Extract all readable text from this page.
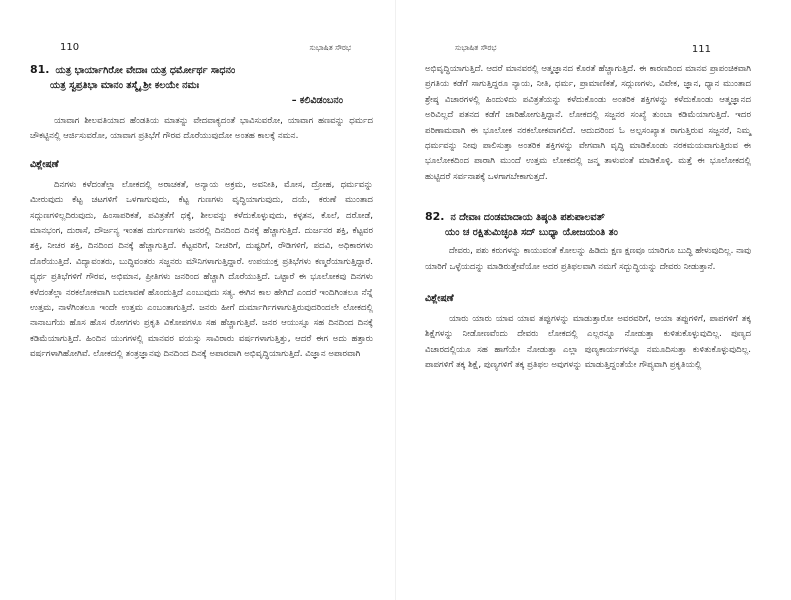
110	ಸುಭಾಷಿತ ಸೌರಭ
81. ಯತ್ರ ಭಾರ್ಯಾಗಿರೋ ವೇದಾಃ ಯತ್ರ ಧರ್ಮೋರ್ಥ ಸಾಧನಂ
ಯತ್ರ ಸ್ವಪ್ರತಿಭಾ ಮಾನಂ ತಸ್ಮೈ ಶ್ರೀ ಕಲಯೇ ನಮಃ
– ಕಲಿವಿಡಂಬನಂ

ಯಾವಾಗ ಶೀಲವತಿಯಾದ ಹೆಂಡತಿಯ ಮಾತನ್ನು ವೇದವಾಕ್ಯದಂತೆ ಭಾವಿಸುವರೋ, ಯಾವಾಗ ಹಣವನ್ನು ಧರ್ಮದ ಚೌಕಟ್ಟಿನಲ್ಲಿ ಆರ್ಜಿಸುವರೋ, ಯಾವಾಗ ಪ್ರತಿಭೆಗೆ ಗೌರವ ದೊರೆಯುವುದೋ ಅಂತಹ ಕಾಲಕ್ಕೆ ನಮನ.

ವಿಶ್ಲೇಷಣೆ

ದಿನಗಳು ಕಳೆದಂತೆಲ್ಲಾ ಲೋಕದಲ್ಲಿ ಅರಾಚಕತೆ, ಅನ್ಯಾಯ ಅಕ್ರಮ, ಅವನೀತಿ, ಮೋಸ, ದ್ರೋಹ, ಧರ್ಮವನ್ನು ಮೀರುವುದು ಕೆಟ್ಟ ಚಟಗಳಿಗೆ ಒಳಗಾಗುವುದು, ಕೆಟ್ಟ ಗುಣಗಳು ವೃದ್ಧಿಯಾಗುವುದು, ದಯೆ, ಕರುಣೆ ಮುಂತಾದ ಸದ್ಗುಣಗಳಿಲ್ಲದಿರುವುದು, ಹಿಂಸಾಪರಿಕತೆ, ಪವಿತ್ರತೆಗೆ ಧಕ್ಕೆ, ಶೀಲವನ್ನು ಕಳೆದುಕೊಳ್ಳುವುದು, ಕಳ್ಳತನ, ಕೊಲೆ, ದರೋಡೆ, ಮಾನಭಂಗ, ದುರಾಸೆ, ದೌರ್ಜನ್ಯ ಇಂತಹ ದುರ್ಗುಣಗಳು ಜನರಲ್ಲಿ ದಿನದಿಂದ ದಿನಕ್ಕೆ ಹೆಚ್ಚಾಗುತ್ತಿದೆ. ದುರ್ಜನರ ಶಕ್ತಿ, ಕೆಟ್ಟವರ ಶಕ್ತಿ, ನೀಚರ ಶಕ್ತಿ, ದಿನದಿಂದ ದಿನಕ್ಕೆ ಹೆಚ್ಚಾಗುತ್ತಿದೆ. ಕೆಟ್ಟವರಿಗೆ, ನೀಚರಿಗೆ, ದುಷ್ಟರಿಗೆ, ರೌಡಿಗಳಿಗೆ, ಪದವಿ, ಅಧಿಕಾರಗಳು ದೊರೆಯುತ್ತಿದೆ. ವಿದ್ಯಾವಂತರು, ಬುದ್ಧಿವಂತರು ಸಜ್ಜನರು ಮೌನಿಗಳಾಗುತ್ತಿದ್ದಾರೆ. ಉಪಯುಕ್ತ ಪ್ರತಿಭೆಗಳು ಕಣ್ಮರೆಯಾಗುತ್ತಿದ್ದಾರೆ. ವ್ಯರ್ಥ ಪ್ರತಿಭೆಗಳಿಗೆ ಗೌರವ, ಅಭಿಮಾನ, ಪ್ರೀತಿಗಳು ಜನರಿಂದ ಹೆಚ್ಚಾಗಿ ದೊರೆಯುತ್ತಿದೆ. ಒಟ್ಟಾರೆ ಈ ಭೂಲೋಕವು ದಿನಗಳು ಕಳೆದಂತೆಲ್ಲಾ ನರಕಲೋಕವಾಗಿ ಬದಲಾವಣೆ ಹೊಂದುತ್ತಿದೆ ಎಂಬುವುದು ಸತ್ಯ. ಈಗಿನ ಕಾಲ ಹೇಗಿದೆ ಎಂದರೆ ಇಂದಿಗಿಂತಲೂ ನೆನ್ನೆ ಉತ್ತಮ, ನಾಳೆಗಿಂತಲೂ ಇಂದೇ ಉತ್ತಮ ಎಂಬಂತಾಗುತ್ತಿದೆ. ಜನರು ಹೀಗೆ ದುರ್ಮಾರ್ಗಿಗಳಾಗುತ್ತಿರುವುದರಿಂದಲೇ ಲೋಕದಲ್ಲಿ ನಾನಾಬಗೆಯ ಹೊಸ ಹೊಸ ರೋಗಗಳು ಪ್ರಕೃತಿ ವಿಕೋಪಗಳೂ ಸಹ ಹೆಚ್ಚಾಗುತ್ತಿವೆ. ಜನರ ಆಯುಸ್ಸೂ ಸಹ ದಿನದಿಂದ ದಿನಕ್ಕೆ ಕಡಿಮೆಯಾಗುತ್ತಿದೆ. ಹಿಂದಿನ ಯುಗಗಳಲ್ಲಿ ಮಾನವರ ವಯಸ್ಸು ಸಾವಿರಾರು ವರ್ಷಗಳಾಗುತ್ತಿತ್ತು, ಆದರೆ ಈಗ ಅದು ಹತ್ತಾರು ವರ್ಷಗಳಾಗಿಹೋಗಿವೆ. ಲೋಕದಲ್ಲಿ ತಂತ್ರಜ್ಞಾನವು ದಿನದಿಂದ ದಿನಕ್ಕೆ ಅಪಾರವಾಗಿ ಅಭಿವೃದ್ಧಿಯಾಗುತ್ತಿದೆ. ವಿಜ್ಞಾನ ಅಪಾರವಾಗಿ

ಸುಭಾಷಿತ ಸೌರಭ	111

ಅಭಿವೃದ್ಧಿಯಾಗುತ್ತಿದೆ. ಆದರೆ ಮಾನವರಲ್ಲಿ ಆತ್ಮಜ್ಞಾನದ ಕೊರತೆ ಹೆಚ್ಚಾಗುತ್ತಿದೆ. ಈ ಕಾರಣದಿಂದ ಮಾನವ ಪ್ರಾಪಂಚಿಕವಾಗಿ ಪ್ರಗತಿಯ ಕಡೆಗೆ ಸಾಗುತ್ತಿದ್ದರೂ ನ್ಯಾಯ, ನೀತಿ, ಧರ್ಮ, ಪ್ರಾಮಾಣಿಕತೆ, ಸದ್ಗುಣಗಳು, ವಿವೇಕ, ಜ್ಞಾನ, ಧ್ಯಾನ ಮುಂತಾದ ಶ್ರೇಷ್ಠ ವಿಚಾರಗಳಲ್ಲಿ ಹಿಂದುಳಿದು ಪವಿತ್ರತೆಯನ್ನು ಕಳೆದುಕೊಂಡು ಅಂತರಿಕ ಶಕ್ತಿಗಳನ್ನು ಕಳೆದುಕೊಂಡು ಆತ್ಮಜ್ಞಾನದ ಅರಿವಿಲ್ಲದೆ ಪತನದ ಕಡೆಗೆ ಜಾರಿಹೋಗುತ್ತಿದ್ದಾನೆ. ಲೋಕದಲ್ಲಿ ಸಜ್ಜನರ ಸಂಖ್ಯೆ ತುಂಬಾ ಕಡಿಮೆಯಾಗುತ್ತಿದೆ. ಇದರ ಪರಿಣಾಮವಾಗಿ ಈ ಭೂಲೋಕ ನರಕಲೋಕವಾಗಲಿದೆ. ಆದುದರಿಂದ ಓ ಅಲ್ಪಸಂಖ್ಯಾತ ರಾಗುತ್ತಿರುವ ಸಜ್ಜನರೆ, ನಿಮ್ಮ ಧರ್ಮವನ್ನು ನೀವು ಪಾಲಿಸುತ್ತಾ ಅಂತರಿಕ ಶಕ್ತಿಗಳನ್ನು ವೇಗವಾಗಿ ವೃದ್ಧಿ ಮಾಡಿಕೊಂಡು ನರಕಮಯವಾಗುತ್ತಿರುವ ಈ ಭೂಲೋಕದಿಂದ ಪಾರಾಗಿ ಮುಂದೆ ಉತ್ತಮ ಲೋಕದಲ್ಲಿ ಜನ್ಮ ತಾಳುವಂತೆ ಮಾಡಿಕೊಳ್ಳಿ. ಮತ್ತೆ ಈ ಭೂಲೋಕದಲ್ಲಿ ಹುಟ್ಟಿದರೆ ಸರ್ವನಾಶಕ್ಕೆ ಒಳಗಾಗಬೇಕಾಗುತ್ತದೆ.

82. ನ ದೇವಾಃ ದಂಡಮಾದಾಯ ತಿಷ್ಠಂತಿ ಪಶುಪಾಲವತ್
ಯಂ ಚ ರಕ್ಷಿತುಮಿಚ್ಛಂತಿ ಸದ್ ಬುಧ್ಯಾ ಯೋಜಯಂತಿ ತಂ

ದೇವರು, ಪಶು ಕರುಗಳನ್ನು ಕಾಯುವಂತೆ ಕೋಲನ್ನು ಹಿಡಿದು ಕ್ಷಣ ಕ್ಷಣವೂ ಯಾರಿಗೂ ಬುದ್ಧಿ ಹೇಳುವುದಿಲ್ಲ. ನಾವು ಯಾರಿಗೆ ಒಳ್ಳೆಯದನ್ನು ಮಾಡಿರುತ್ತೇವೆಯೋ ಅದರ ಪ್ರತಿಫಲವಾಗಿ ನಮಗೆ ಸದ್ಬುದ್ಧಿಯನ್ನು ದೇವರು ನೀಡುತ್ತಾನೆ.

ವಿಶ್ಲೇಷಣೆ

ಯಾರು ಯಾರು ಯಾವ ಯಾವ ತಪ್ಪುಗಳನ್ನು ಮಾಡುತ್ತಾರೋ ಅವರವರಿಗೆ, ಆಯಾ ತಪ್ಪುಗಳಿಗೆ, ಪಾಪಗಳಿಗೆ ತಕ್ಕ ಶಿಕ್ಷೆಗಳನ್ನು ನೀಡೋಣವೆಂದು ದೇವರು ಲೋಕದಲ್ಲಿ ಎಲ್ಲರನ್ನೂ ನೋಡುತ್ತಾ ಕುಳಿತುಕೊಳ್ಳುವುದಿಲ್ಲ. ಪುಣ್ಯದ ವಿಚಾರದಲ್ಲಿಯೂ ಸಹ ಹಾಗೆಯೇ ನೋಡುತ್ತಾ ಎಲ್ಲಾ ಪುಣ್ಯಕಾರ್ಯಗಳನ್ನೂ ನಮೂದಿಸುತ್ತಾ ಕುಳಿತುಕೊಳ್ಳುವುದಿಲ್ಲ. ಪಾಪಗಳಿಗೆ ತಕ್ಕ ಶಿಕ್ಷೆ, ಪುಣ್ಯಗಳಿಗೆ ತಕ್ಕ ಪ್ರತಿಫಲ ಅವುಗಳನ್ನು ಮಾಡುತ್ತಿದ್ದಂತೆಯೇ ಗೌಪ್ಯವಾಗಿ ಪ್ರಕೃತಿಯಲ್ಲಿ
